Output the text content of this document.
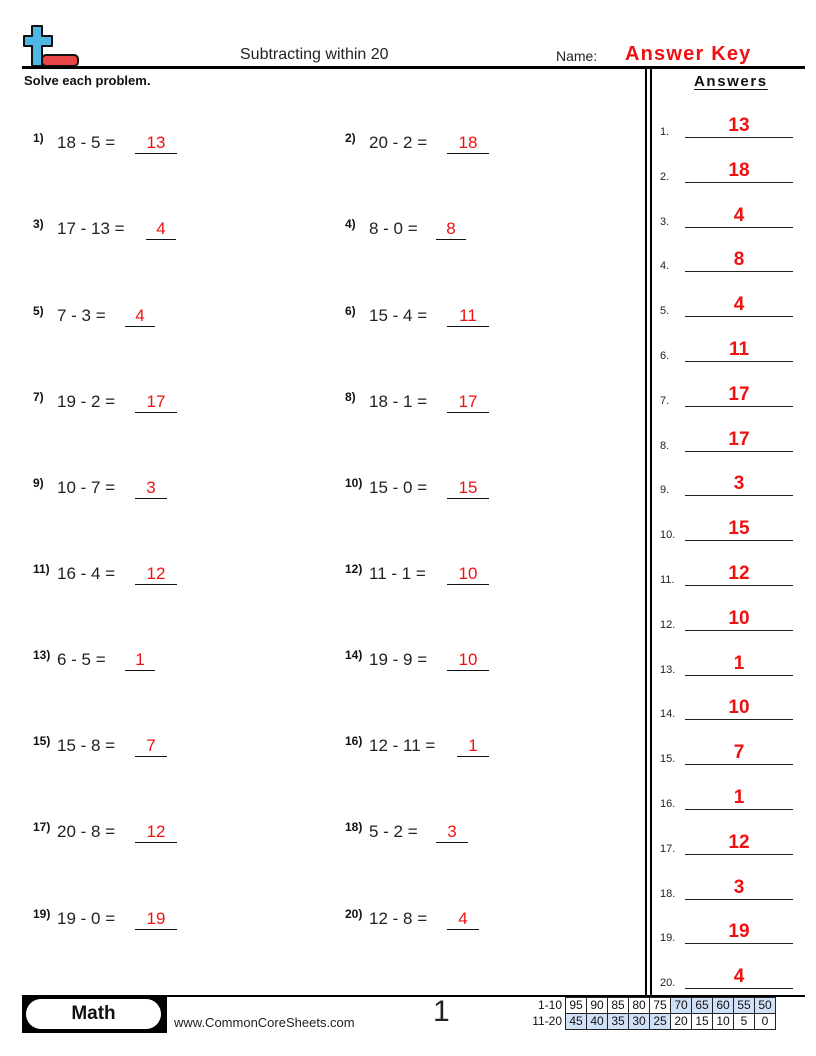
Subtracting within 20	Name: Answer Key
Solve each problem.	Answers
1) 18 - 5 =	13	2) 20 - 2 =	18
3) 17 - 13 =	4	4) 8 - 0 =	8
5) 7 - 3 =	4	6) 15 - 4 =	11
7) 19 - 2 =	17	8) 18 - 1 =	17
9) 10 - 7 =	3	10) 15 - 0 =	15
11) 16 - 4 =	12	12) 11 - 1 =	10
13) 6 - 5 =	1	14) 19 - 9 =	10
15) 15 - 8 =	7	16) 12 - 11 =	1
17) 20 - 8 =	12	18) 5 - 2 =	3
19) 19 - 0 =	19	20) 12 - 8 =	4
1.	13
2.	18
3.	4
4.	8
5.	4
6.	11
7.	17
8.	17
9.	3
10.	15
11.	12
12.	10
13.	1
14.	10
15.	7
16.	1
17.	12
18.	3
19.	19
20.	4
Math	www.CommonCoreSheets.com	1	1-10	95	90	85	80	75	70	65	60	55	50
11-20	45	40	35	30	25	20	15	10	5	0
